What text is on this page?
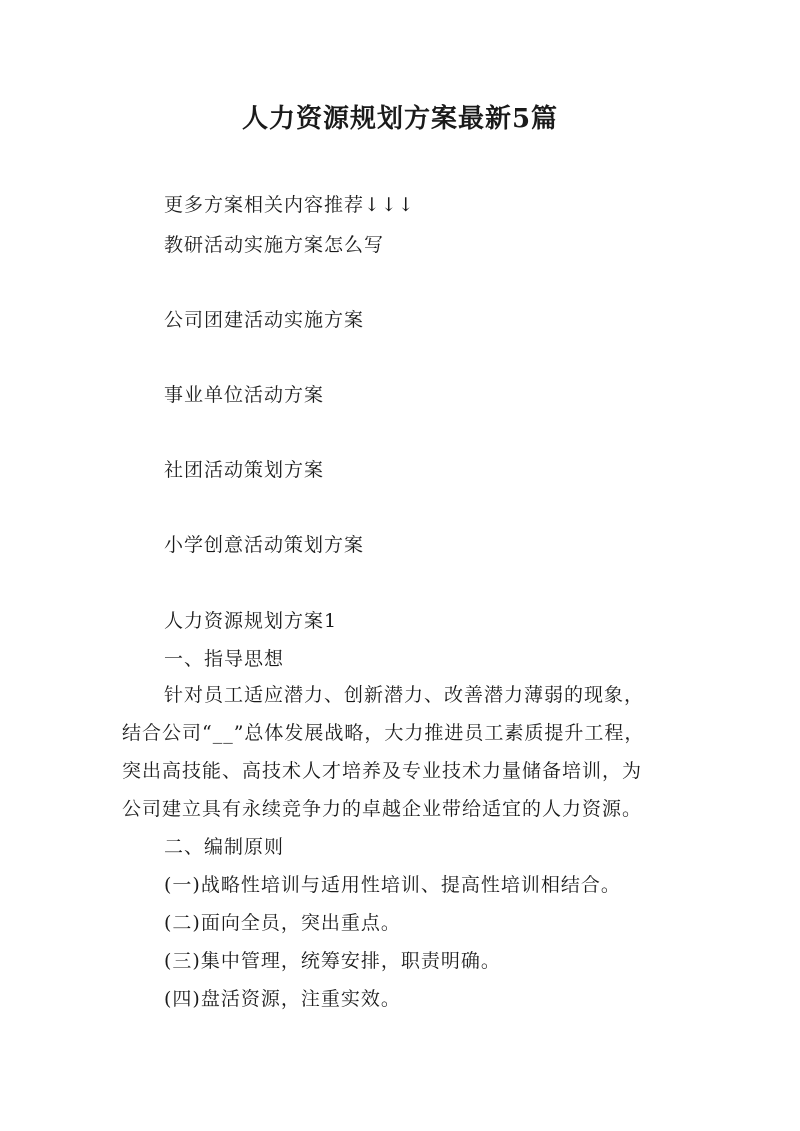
人力资源规划方案最新5篇
更多方案相关内容推荐↓↓↓
教研活动实施方案怎么写
公司团建活动实施方案
事业单位活动方案
社团活动策划方案
小学创意活动策划方案
人力资源规划方案1
一、指导思想
针对员工适应潜力、创新潜力、改善潜力薄弱的现象，
结合公司“__”总体发展战略，大力推进员工素质提升工程，
突出高技能、高技术人才培养及专业技术力量储备培训，为
公司建立具有永续竞争力的卓越企业带给适宜的人力资源。
二、编制原则
(一)战略性培训与适用性培训、提高性培训相结合。
(二)面向全员，突出重点。
(三)集中管理，统筹安排，职责明确。
(四)盘活资源，注重实效。
